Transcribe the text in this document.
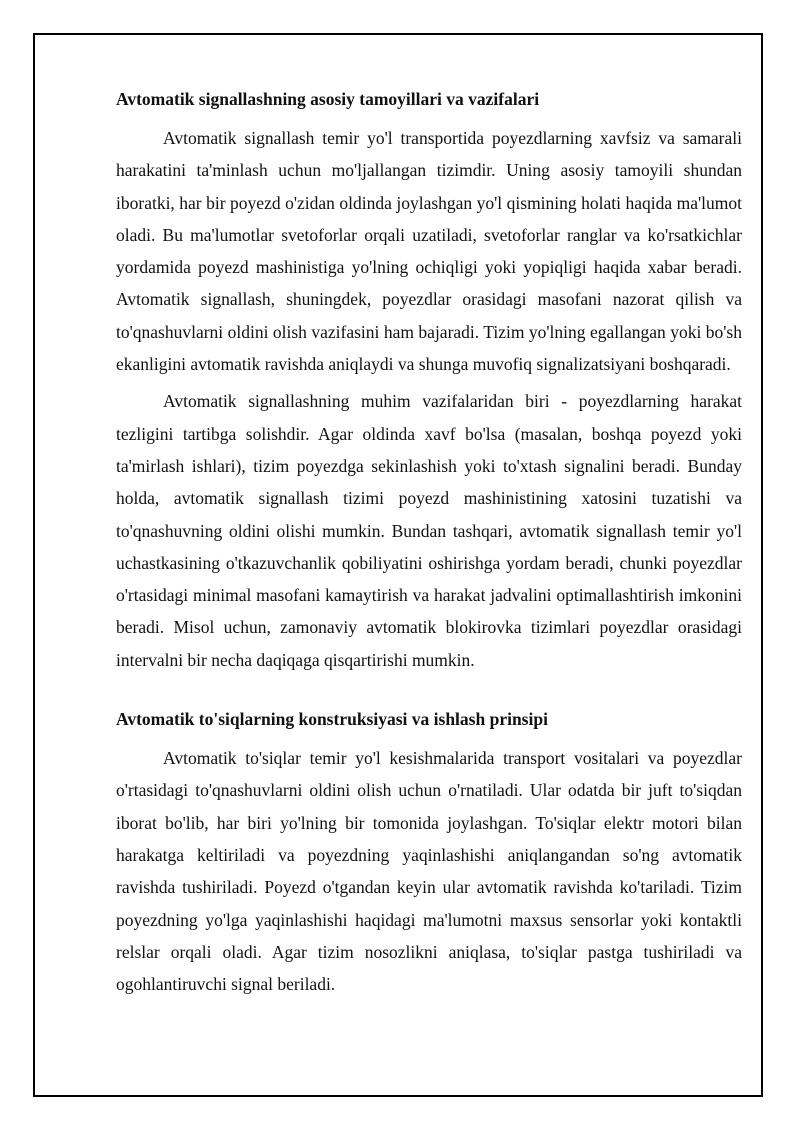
Avtomatik signallashning asosiy tamoyillari va vazifalari

Avtomatik signallash temir yo'l transportida poyezdlarning xavfsiz va samarali harakatini ta'minlash uchun mo'ljallangan tizimdir. Uning asosiy tamoyili shundan iboratki, har bir poyezd o'zidan oldinda joylashgan yo'l qismining holati haqida ma'lumot oladi. Bu ma'lumotlar svetoforlar orqali uzatiladi, svetoforlar ranglar va ko'rsatkichlar yordamida poyezd mashinistiga yo'lning ochiqligi yoki yopiqligi haqida xabar beradi. Avtomatik signallash, shuningdek, poyezdlar orasidagi masofani nazorat qilish va to'qnashuvlarni oldini olish vazifasini ham bajaradi. Tizim yo'lning egallangan yoki bo'sh ekanligini avtomatik ravishda aniqlaydi va shunga muvofiq signalizatsiyani boshqaradi.

Avtomatik signallashning muhim vazifalaridan biri - poyezdlarning harakat tezligini tartibga solishdir. Agar oldinda xavf bo'lsa (masalan, boshqa poyezd yoki ta'mirlash ishlari), tizim poyezdga sekinlashish yoki to'xtash signalini beradi. Bunday holda, avtomatik signallash tizimi poyezd mashinistining xatosini tuzatishi va to'qnashuvning oldini olishi mumkin. Bundan tashqari, avtomatik signallash temir yo'l uchastkasining o'tkazuvchanlik qobiliyatini oshirishga yordam beradi, chunki poyezdlar o'rtasidagi minimal masofani kamaytirish va harakat jadvalini optimallashtirish imkonini beradi. Misol uchun, zamonaviy avtomatik blokirovka tizimlari poyezdlar orasidagi intervalni bir necha daqiqaga qisqartirishi mumkin.

Avtomatik to'siqlarning konstruksiyasi va ishlash prinsipi

Avtomatik to'siqlar temir yo'l kesishmalarida transport vositalari va poyezdlar o'rtasidagi to'qnashuvlarni oldini olish uchun o'rnatiladi. Ular odatda bir juft to'siqdan iborat bo'lib, har biri yo'lning bir tomonida joylashgan. To'siqlar elektr motori bilan harakatga keltiriladi va poyezdning yaqinlashishi aniqlangandan so'ng avtomatik ravishda tushiriladi. Poyezd o'tgandan keyin ular avtomatik ravishda ko'tariladi. Tizim poyezdning yo'lga yaqinlashishi haqidagi ma'lumotni maxsus sensorlar yoki kontaktli relslar orqali oladi. Agar tizim nosozlikni aniqlasa, to'siqlar pastga tushiriladi va ogohlantiruvchi signal beriladi.
